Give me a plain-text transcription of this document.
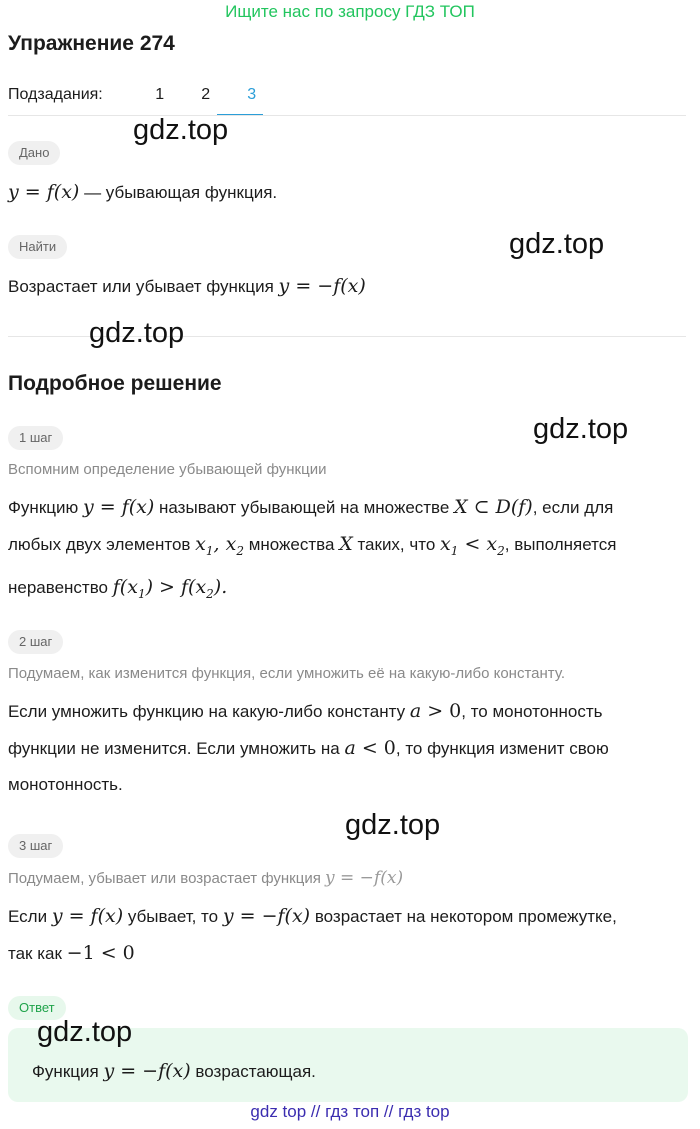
Ищите нас по запросу ГДЗ ТОП
Упражнение 274
Подзадания:	1	2	3
Дано
y = f(x) — убывающая функция.
Найти
Возрастает или убывает функция y = −f(x)
Подробное решение
1 шаг
Вспомним определение убывающей функции
Функцию y = f(x) называют убывающей на множестве X ⊂ D(f), если для
любых двух элементов $x_1$, $x_2$ множества X таких, что $x_1 < x_2$, выполняется
неравенство $f(x_1) > f(x_2)$.
2 шаг
Подумаем, как изменится функция, если умножить её на какую-либо константу.
Если умножить функцию на какую-либо константу a > 0, то монотонность
функции не изменится. Если умножить на a < 0, то функция изменит свою
монотонность.
3 шаг
Подумаем, убывает или возрастает функция y = −f(x)
Если y = f(x) убывает, то y = −f(x) возрастает на некотором промежутке,
так как −1 < 0
Ответ
Функция y = −f(x) возрастающая.
gdz.top
gdz.top
gdz.top
gdz.top
gdz.top
gdz.top
gdz top // гдз топ // гдз top
